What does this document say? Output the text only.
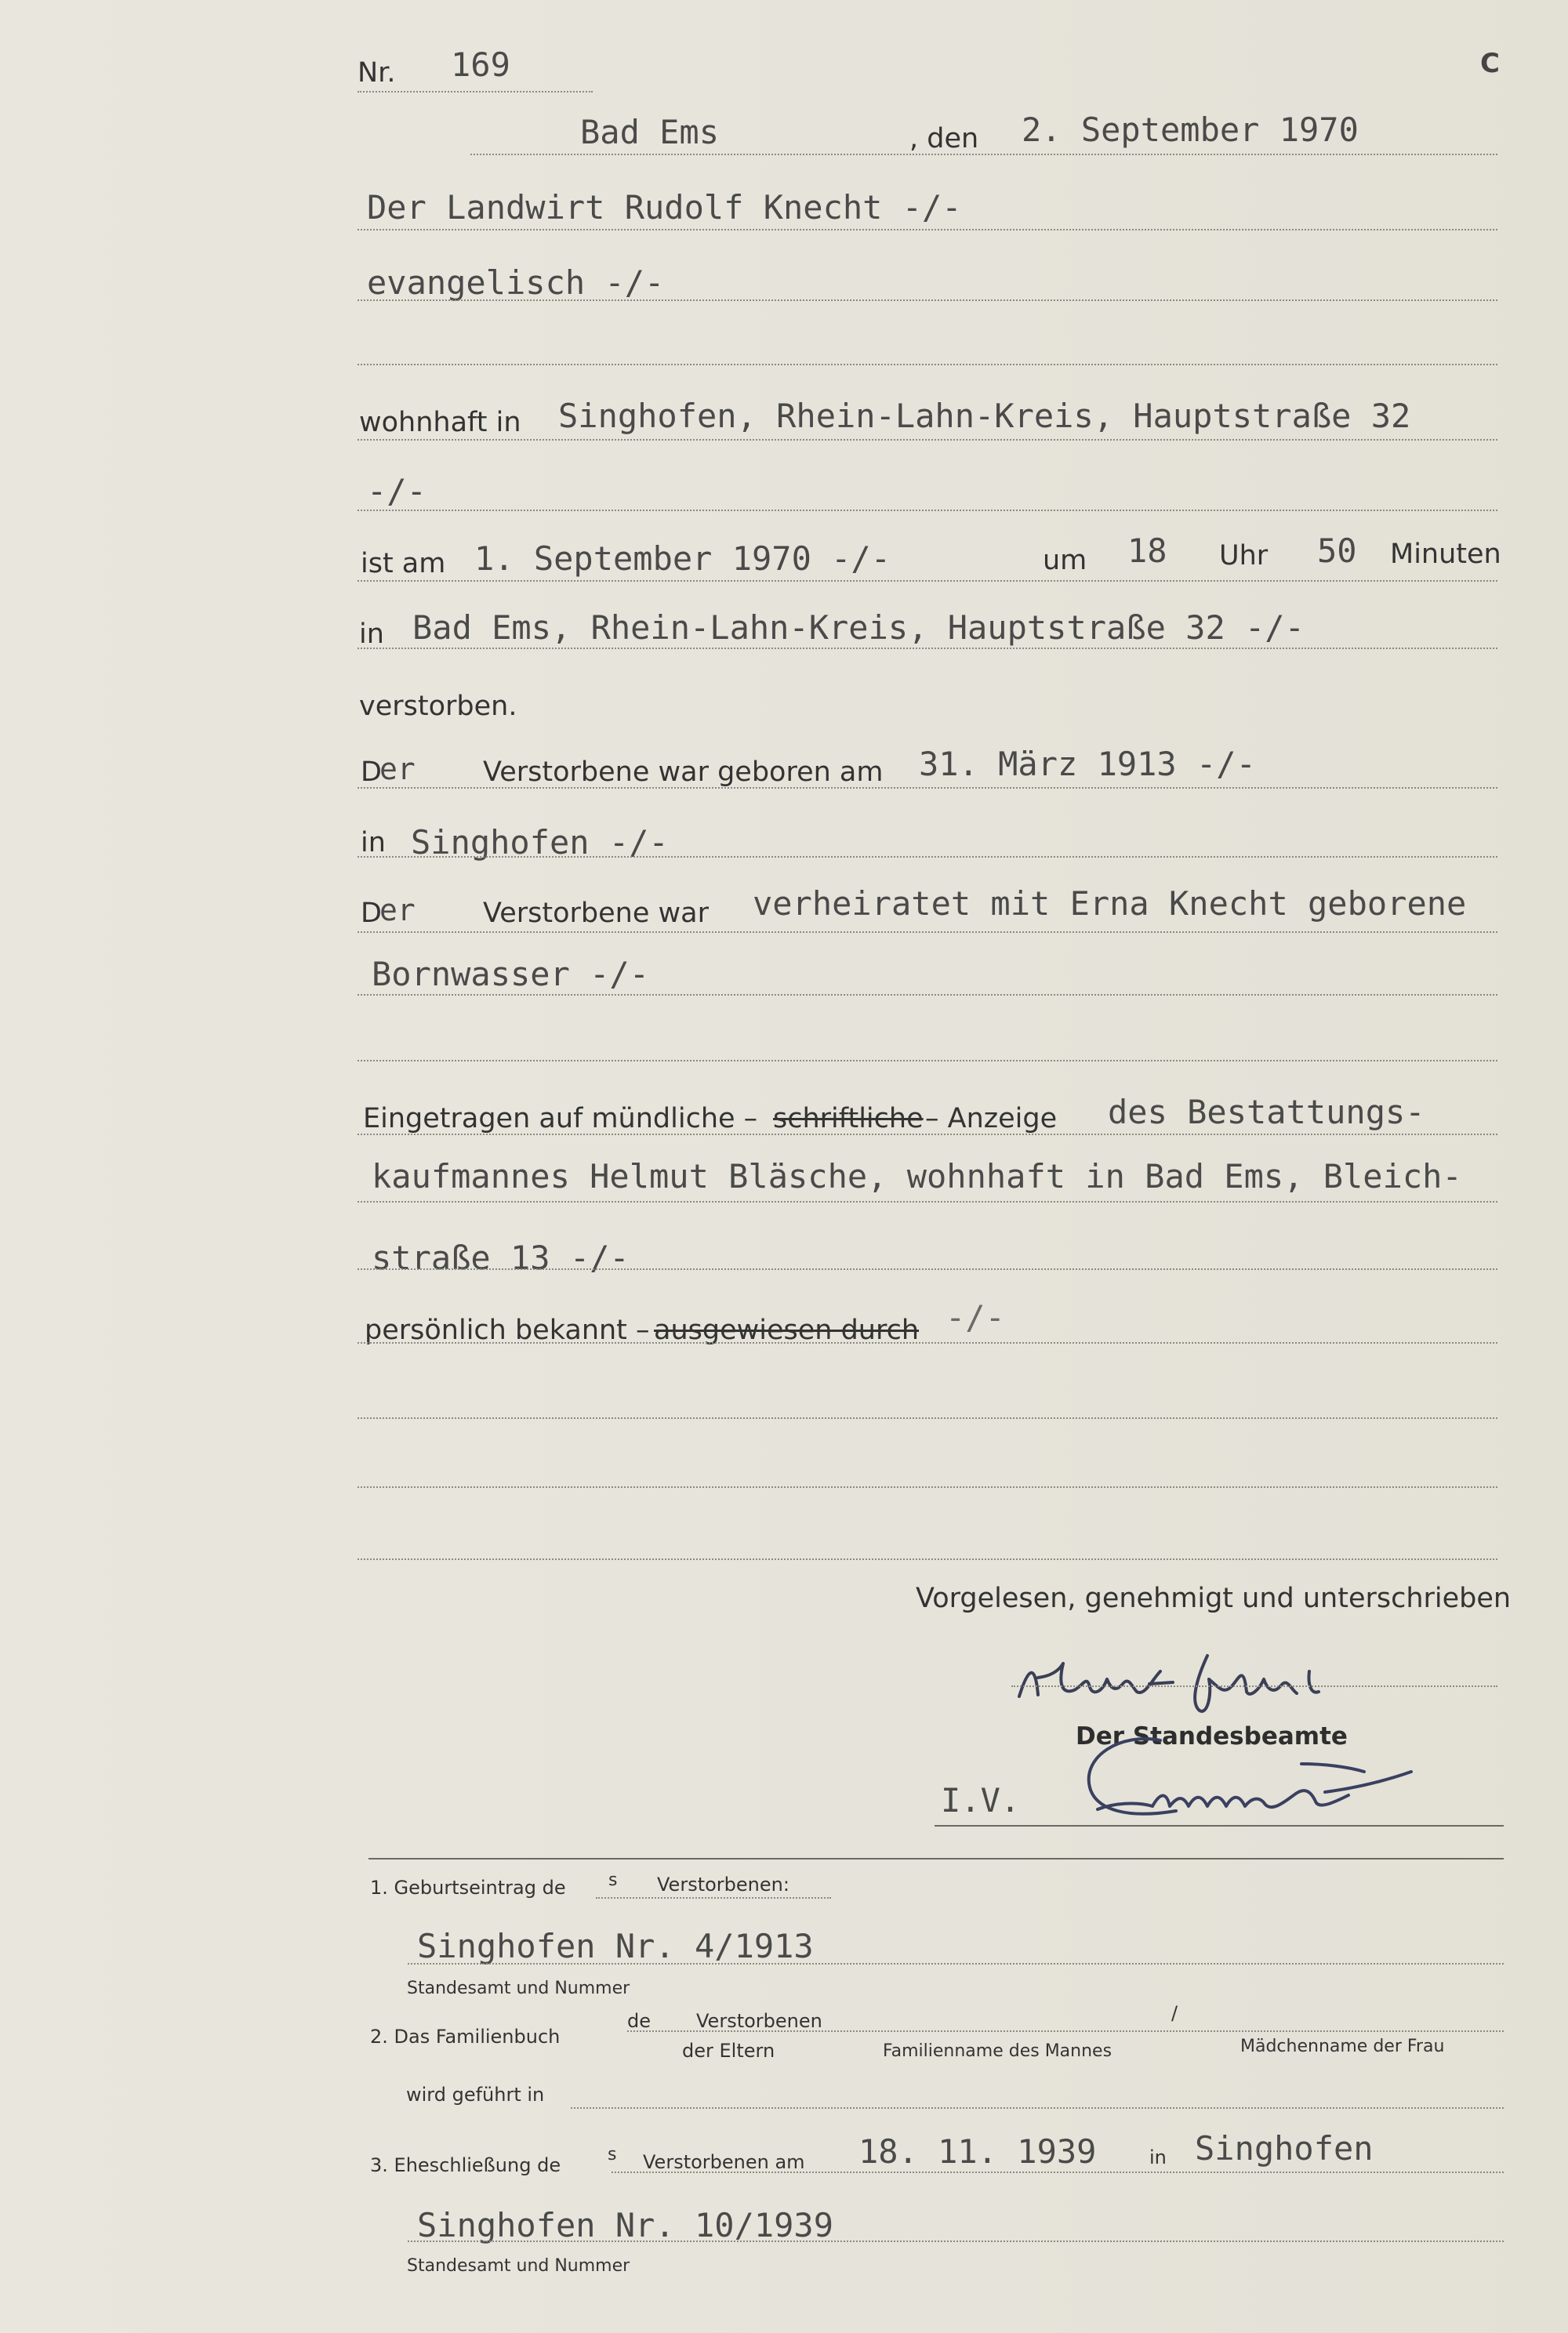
Nr. 169	C
Bad Ems	, den 2. September 1970
Der Landwirt Rudolf Knecht -/-
evangelisch -/-
wohnhaft in Singhofen, Rhein-Lahn-Kreis, Hauptstraße 32
-/-
ist am 1. September 1970 -/-	um 18 Uhr 50 Minuten
in Bad Ems, Rhein-Lahn-Kreis, Hauptstraße 32 -/-
verstorben.
D
er Verstorbene war geboren am 31. März 1913 -/-
in Singhofen -/-
D
er Verstorbene war verheiratet mit Erna Knecht geborene
Bornwasser -/-
Eingetragen auf mündliche – schriftliche – Anzeige des Bestattungs-
kaufmannes Helmut Bläsche, wohnhaft in Bad Ems, Bleich-
straße 13 -/-
persönlich bekannt – ausgewiesen durch -/-
Vorgelesen, genehmigt und unterschrieben
Der Standesbeamte
I.V.
1. Geburtseintrag de s Verstorbenen:
Singhofen Nr. 4/1913
Standesamt und Nummer
2. Das Familienbuch
de Verstorbenen	/
der Eltern	Familienname des Mannes	Mädchenname der Frau
wird geführt in
3. Eheschließung de	s Verstorbenen am 18. 11. 1939	in Singhofen
Singhofen Nr. 10/1939
Standesamt und Nummer
